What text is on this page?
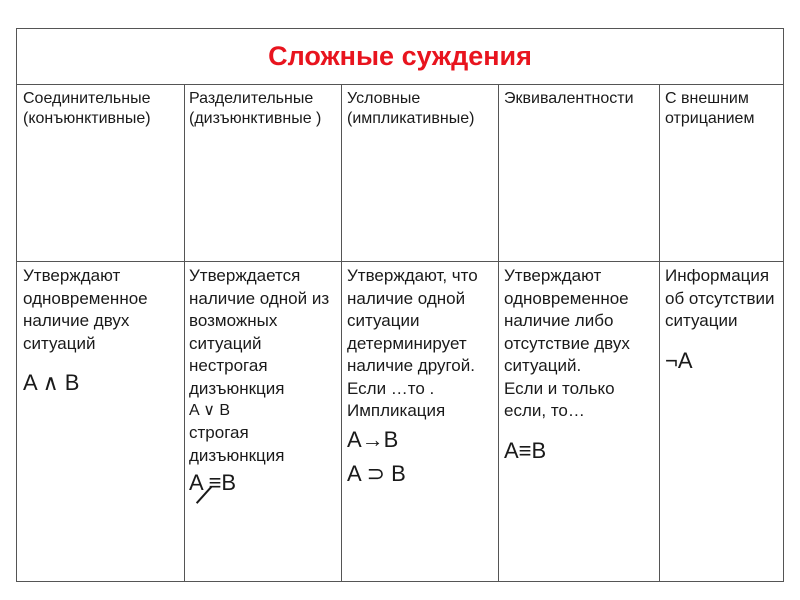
Сложные суждения
Соединительные (конъюнктивные)
Разделительные (дизъюнктивные )
Условные (импликативные)
Эквивалентности	С внешним отрицанием
Утверждают одновременное наличие двух ситуаций
A ∧ B
Утверждается наличие одной из возможных ситуаций
нестрогая дизъюнкция
A ∨ B
строгая дизъюнкция
A ≡B
Утверждают, что наличие одной ситуации детерминирует наличие другой.
Если …то .
Импликация
A→B
A ⊃ B
Утверждают одновременное наличие либо отсутствие двух ситуаций.
Если и только если, то…
A≡B
Информация об отсутствии ситуации
¬A
